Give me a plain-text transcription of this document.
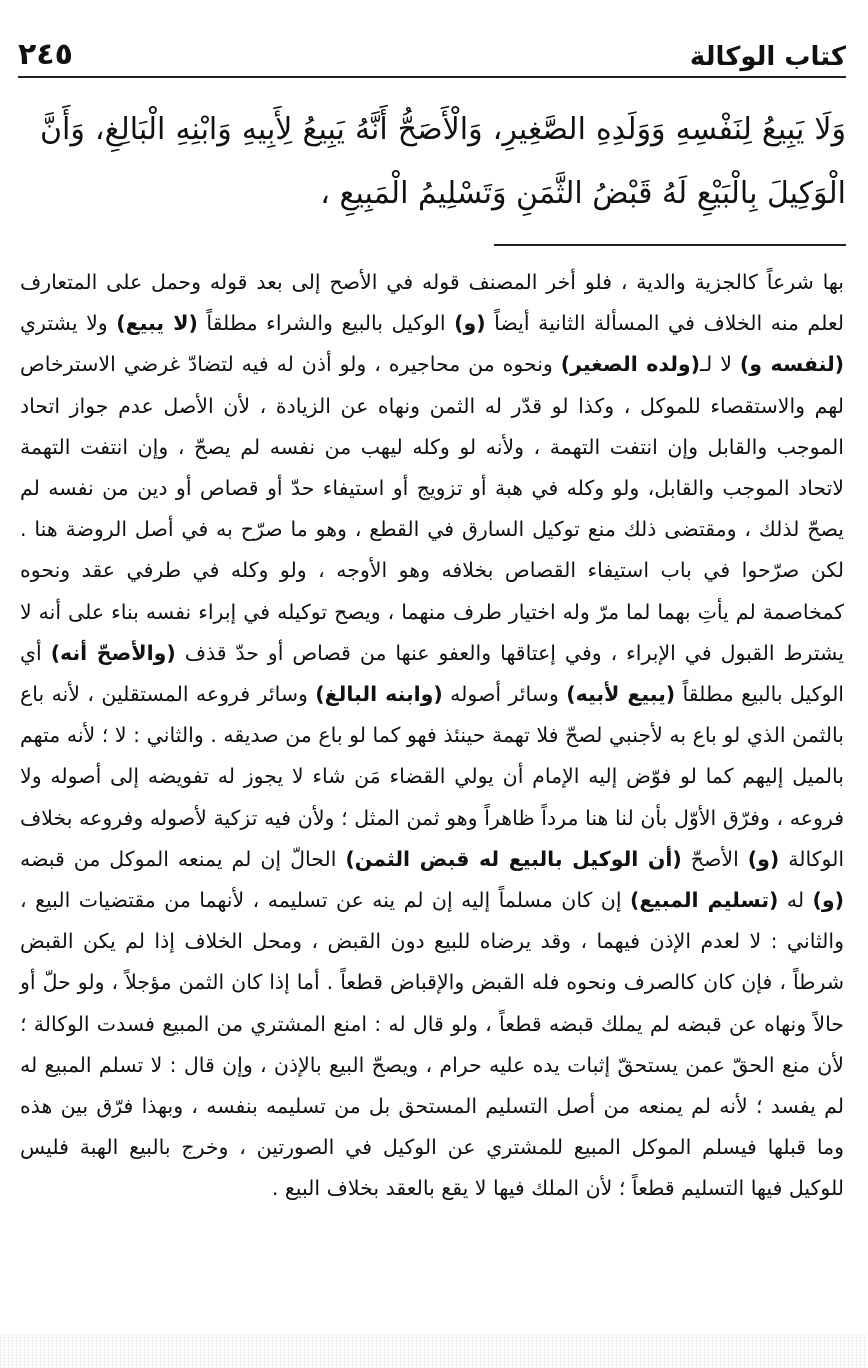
٢٤٥	كتاب الوكالة
وَلَا يَبِيعُ لِنَفْسِهِ وَوَلَدِهِ الصَّغِيرِ، وَالْأَصَحُّ أَنَّهُ يَبِيعُ لِأَبِيهِ وَابْنِهِ الْبَالِغِ، وَأَنَّ الْوَكِيلَ بِالْبَيْعِ لَهُ قَبْضُ الثَّمَنِ وَتَسْلِيمُ الْمَبِيعِ ،

بها شرعاً كالجزية والدية ، فلو أخر المصنف قوله في الأصح إلى بعد قوله وحمل على المتعارف لعلم منه الخلاف في المسألة الثانية أيضاً (و) الوكيل بالبيع والشراء مطلقاً (لا يبيع) ولا يشتري (لنفسه و) لا لـ(ولده الصغير) ونحوه من محاجيره ، ولو أذن له فيه لتضادّ غرضي الاسترخاص لهم والاستقصاء للموكل ، وكذا لو قدّر له الثمن ونهاه عن الزيادة ، لأن الأصل عدم جواز اتحاد الموجب والقابل وإن انتفت التهمة ، ولأنه لو وكله ليهب من نفسه لم يصحّ ، وإن انتفت التهمة لاتحاد الموجب والقابل، ولو وكله في هبة أو تزويج أو استيفاء حدّ أو قصاص أو دين من نفسه لم يصحّ لذلك ، ومقتضى ذلك منع توكيل السارق في القطع ، وهو ما صرّح به في أصل الروضة هنا . لكن صرّحوا في باب استيفاء القصاص بخلافه وهو الأوجه ، ولو وكله في طرفي عقد ونحوه كمخاصمة لم يأتِ بهما لما مرّ وله اختيار طرف منهما ، ويصح توكيله في إبراء نفسه بناء على أنه لا يشترط القبول في الإبراء ، وفي إعتاقها والعفو عنها من قصاص أو حدّ قذف (والأصحّ أنه) أي الوكيل بالبيع مطلقاً (يبيع لأبيه) وسائر أصوله (وابنه البالغ) وسائر فروعه المستقلين ، لأنه باع بالثمن الذي لو باع به لأجنبي لصحّ فلا تهمة حينئذ فهو كما لو باع من صديقه . والثاني : لا ؛ لأنه متهم بالميل إليهم كما لو فوّض إليه الإمام أن يولي القضاء مَن شاء لا يجوز له تفويضه إلى أصوله ولا فروعه ، وفرّق الأوّل بأن لنا هنا مرداً ظاهراً وهو ثمن المثل ؛ ولأن فيه تزكية لأصوله وفروعه بخلاف الوكالة (و) الأصحّ (أن الوكيل بالبيع له قبض الثمن) الحالّ إن لم يمنعه الموكل من قبضه (و) له (تسليم المبيع) إن كان مسلماً إليه إن لم ينه عن تسليمه ، لأنهما من مقتضيات البيع ، والثاني : لا لعدم الإذن فيهما ، وقد يرضاه للبيع دون القبض ، ومحل الخلاف إذا لم يكن القبض شرطاً ، فإن كان كالصرف ونحوه فله القبض والإقباض قطعاً . أما إذا كان الثمن مؤجلاً ، ولو حلّ أو حالاً ونهاه عن قبضه لم يملك قبضه قطعاً ، ولو قال له : امنع المشتري من المبيع فسدت الوكالة ؛ لأن منع الحقّ عمن يستحقّ إثبات يده عليه حرام ، ويصحّ البيع بالإذن ، وإن قال : لا تسلم المبيع له لم يفسد ؛ لأنه لم يمنعه من أصل التسليم المستحق بل من تسليمه بنفسه ، وبهذا فرّق بين هذه وما قبلها فيسلم الموكل المبيع للمشتري عن الوكيل في الصورتين ، وخرج بالبيع الهبة فليس للوكيل فيها التسليم قطعاً ؛ لأن الملك فيها لا يقع بالعقد بخلاف البيع .
